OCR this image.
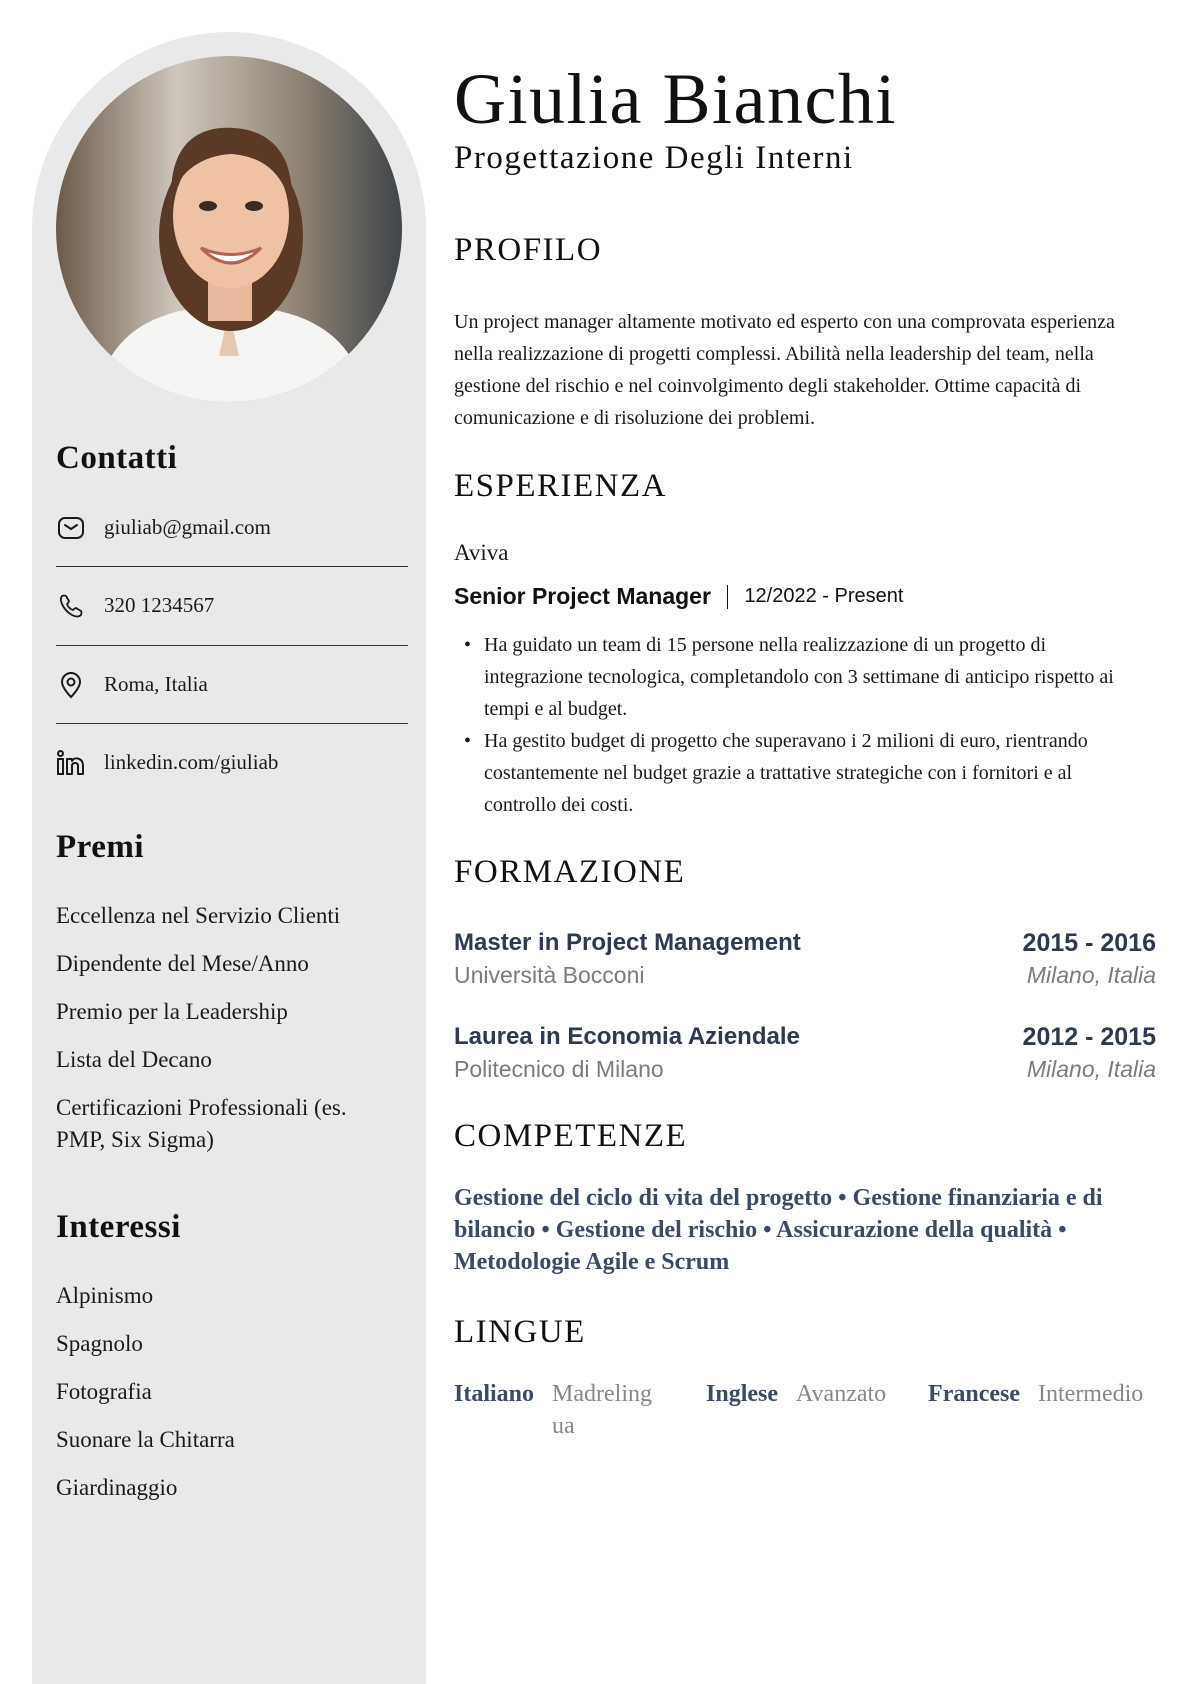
Contatti
giuliab@gmail.com
320 1234567
Roma, Italia
linkedin.com/giuliab
Premi
Eccellenza nel Servizio Clienti
Dipendente del Mese/Anno
Premio per la Leadership
Lista del Decano
Certificazioni Professionali (es. PMP, Six Sigma)
Interessi
Alpinismo
Spagnolo
Fotografia
Suonare la Chitarra
Giardinaggio
Giulia Bianchi

Progettazione Degli Interni

PROFILO

Un project manager altamente motivato ed esperto con una comprovata esperienza nella realizzazione di progetti complessi. Abilità nella leadership del team, nella gestione del rischio e nel coinvolgimento degli stakeholder. Ottime capacità di comunicazione e di risoluzione dei problemi.

ESPERIENZA
Aviva
Senior Project Manager 12/2022 - Present
• Ha guidato un team di 15 persone nella realizzazione di un progetto di integrazione tecnologica, completandolo con 3 settimane di anticipo rispetto ai tempi e al budget.
• Ha gestito budget di progetto che superavano i 2 milioni di euro, rientrando costantemente nel budget grazie a trattative strategiche con i fornitori e al controllo dei costi.
FORMAZIONE
Master in Project Management	2015 - 2016
Università Bocconi	Milano, Italia
Laurea in Economia Aziendale	2012 - 2015
Politecnico di Milano	Milano, Italia
COMPETENZE

Gestione del ciclo di vita del progetto • Gestione finanziaria e di bilancio • Gestione del rischio • Assicurazione della qualità • Metodologie Agile e Scrum

LINGUE
Italiano Madrelingua
Inglese Avanzato Francese Intermedio
